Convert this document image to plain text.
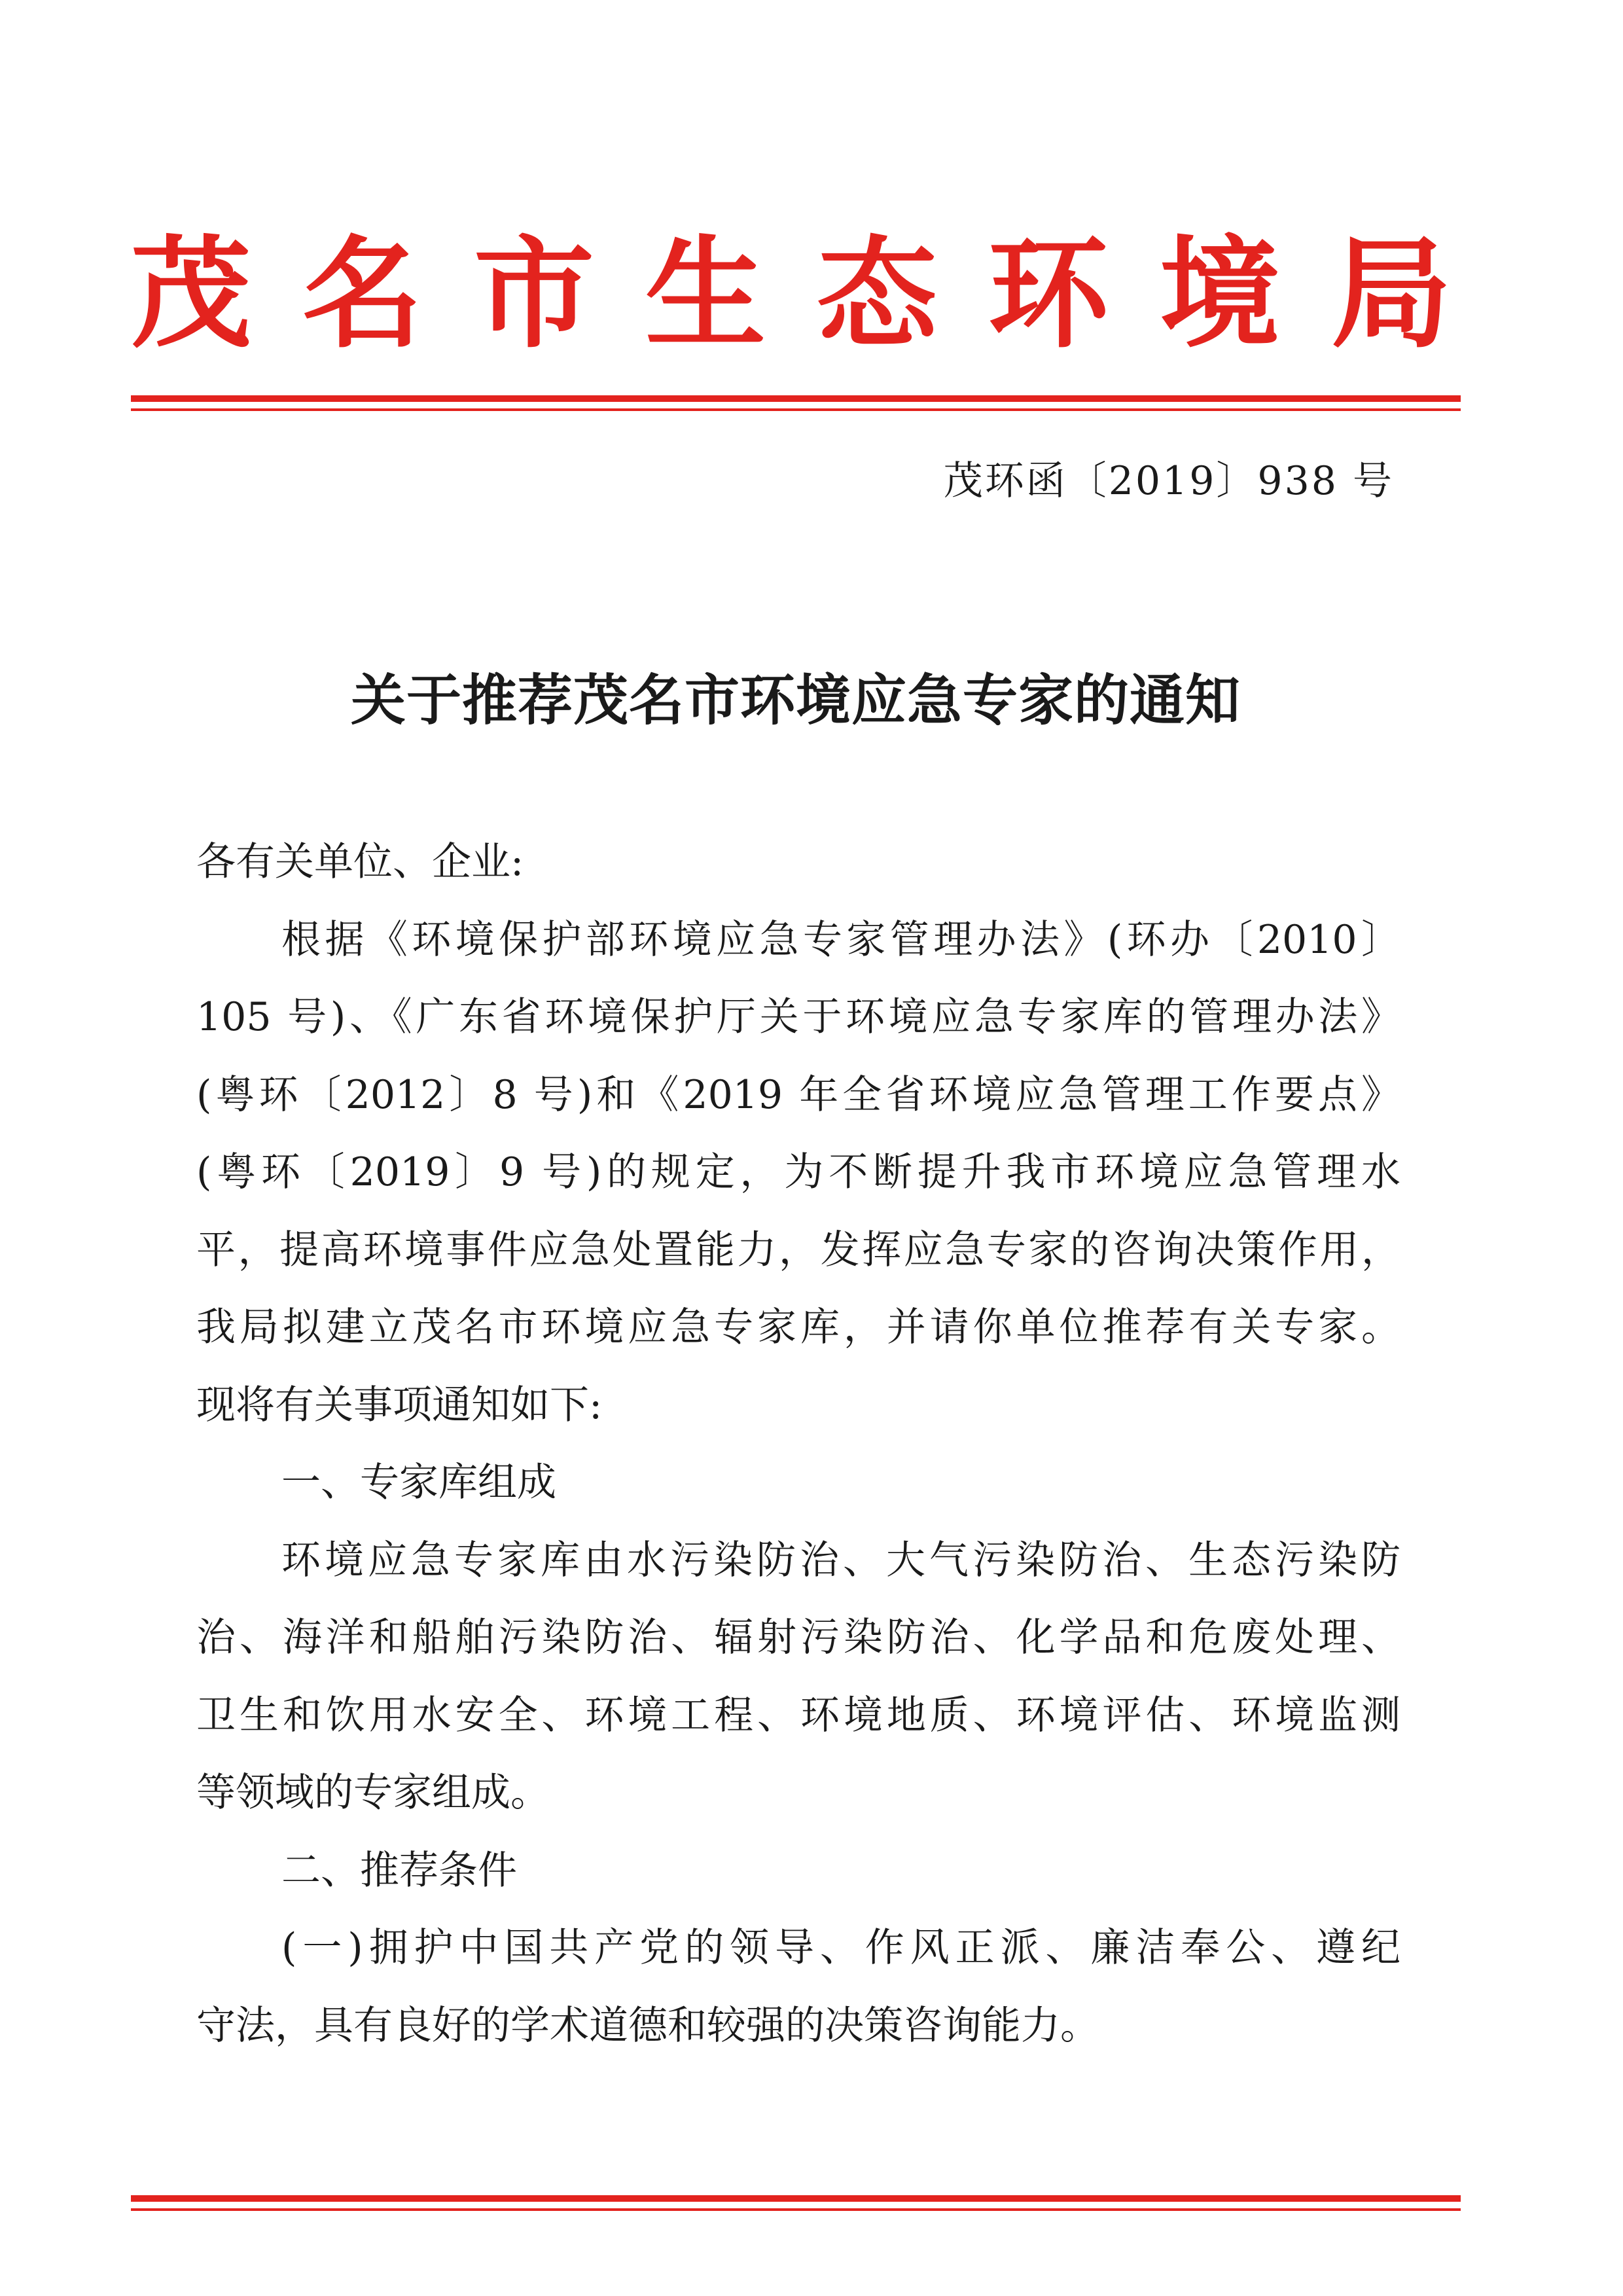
茂名市生态环境局
茂环函〔2019〕938 号
关于推荐茂名市环境应急专家的通知
各有关单位、企业:
根据《环境保护部环境应急专家管理办法》(环办〔2010〕
105 号)、《广东省环境保护厅关于环境应急专家库的管理办法》
(粤环〔2012〕8 号)和《2019 年全省环境应急管理工作要点》
(粤环〔2019〕9 号)的规定，为不断提升我市环境应急管理水
平，提高环境事件应急处置能力，发挥应急专家的咨询决策作用，
我局拟建立茂名市环境应急专家库，并请你单位推荐有关专家。
现将有关事项通知如下:
一、专家库组成
环境应急专家库由水污染防治、大气污染防治、生态污染防
治、海洋和船舶污染防治、辐射污染防治、化学品和危废处理、
卫生和饮用水安全、环境工程、环境地质、环境评估、环境监测
等领域的专家组成。
二、推荐条件
(一)拥护中国共产党的领导、作风正派、廉洁奉公、遵纪
守法，具有良好的学术道德和较强的决策咨询能力。
